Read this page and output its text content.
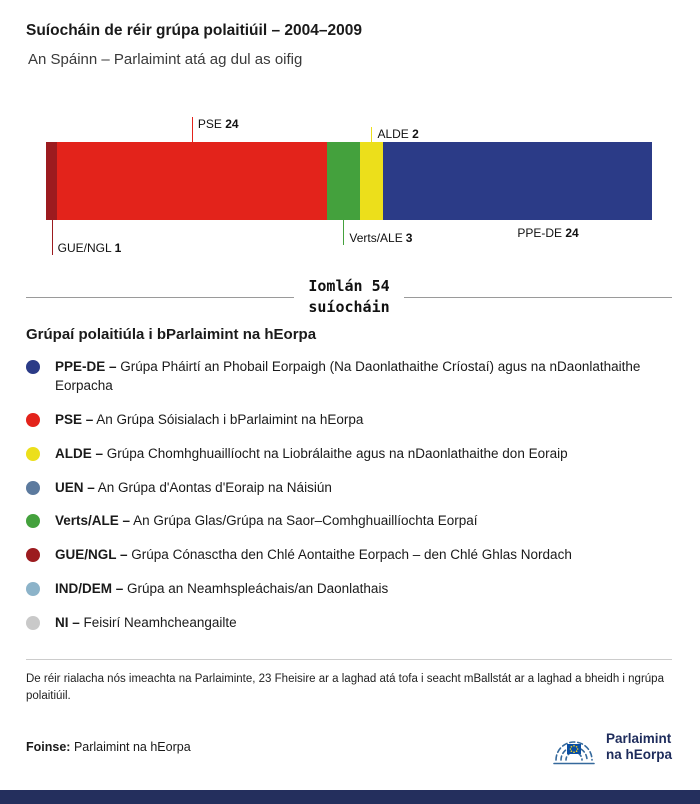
Suíocháin de réir grúpa polaitiúil – 2004–2009
An Spáinn – Parlaimint atá ag dul as oifig
PSE 24
ALDE 2
GUE/NGL 1
Verts/ALE 3	PPE-DE 24
Iomlán 54
suíocháin
Grúpaí polaitiúla i bParlaimint na hEorpa
PPE-DE – Grúpa Pháirtí an Phobail Eorpaigh (Na Daonlathaithe Críostaí) agus na nDaonlathaithe Eorpacha
PSE – An Grúpa Sóisialach i bParlaimint na hEorpa
ALDE – Grúpa Chomhghuaillíocht na Liobrálaithe agus na nDaonlathaithe don Eoraip
UEN – An Grúpa d'Aontas d'Eoraip na Náisiún
Verts/ALE – An Grúpa Glas/Grúpa na Saor–Comhghuaillíochta Eorpaí
GUE/NGL – Grúpa Cónasctha den Chlé Aontaithe Eorpach – den Chlé Ghlas Nordach
IND/DEM – Grúpa an Neamhspleáchais/an Daonlathais
NI – Feisirí Neamhcheangailte
De réir rialacha nós imeachta na Parlaiminte, 23 Fheisire ar a laghad atá tofa i seacht mBallstát ar a laghad a bheidh i ngrúpa polaitiúil.
Foinse: Parlaimint na hEorpa
Parlaimint
na hEorpa
